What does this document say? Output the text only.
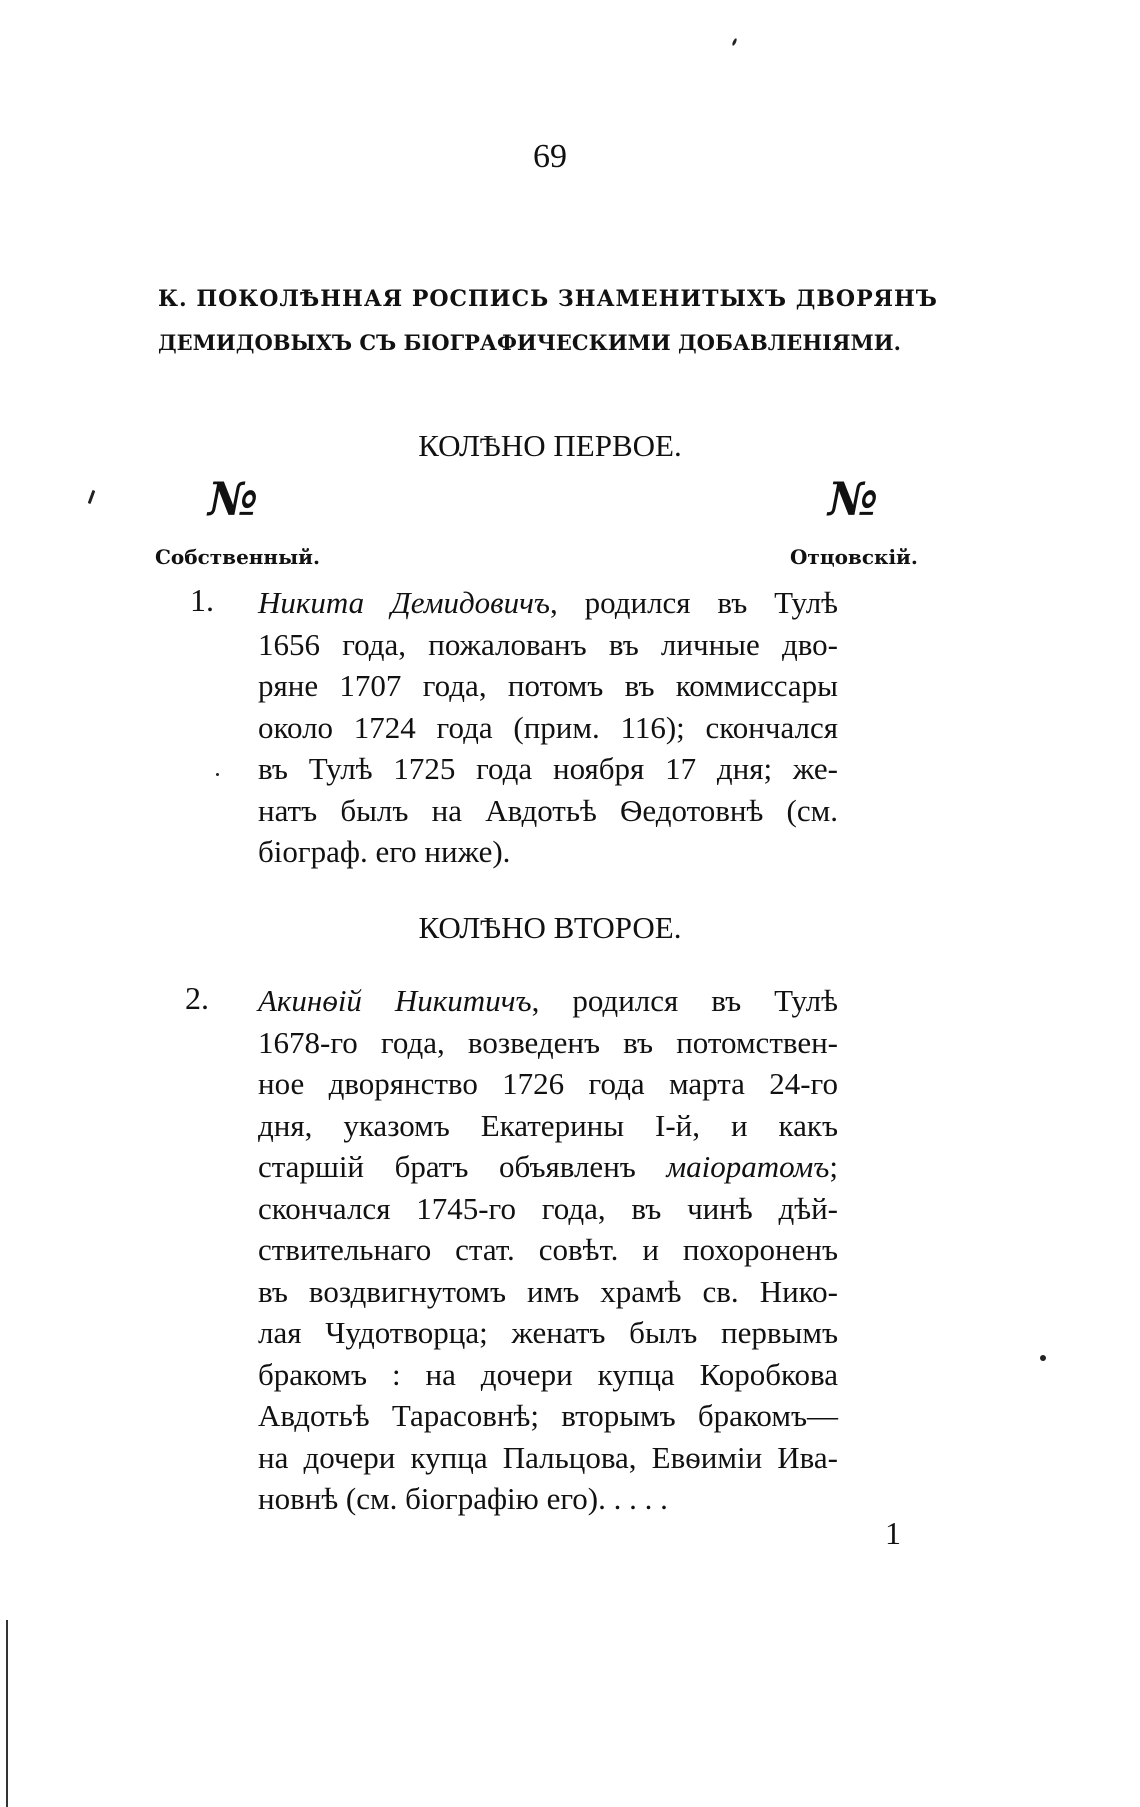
69
К. ПОКОЛѢННАЯ РОСПИСЬ ЗНАМЕНИТЫХЪ ДВОРЯНЪ
ДЕМИДОВЫХЪ СЪ БІОГРАФИЧЕСКИМИ ДОБАВЛЕНІЯМИ.
КОЛѢНО ПЕРВОЕ.
№	№
Собственный.	Отцовскій.
1. Никита Демидовичъ, родился въ Тулѣ
1656 года, пожалованъ въ личные дво-
ряне 1707 года, потомъ въ коммиссары
около 1724 года (прим. 116); скончался
въ Тулѣ 1725 года ноября 17 дня; же-
натъ былъ на Авдотьѣ Ѳедотовнѣ (см.
біограф. его ниже).
КОЛѢНО ВТОРОЕ.
2. Акинѳій Никитичъ, родился въ Тулѣ
1678-го года, возведенъ въ потомствен-
ное дворянство 1726 года марта 24-го
дня, указомъ Екатерины I-й, и какъ
старшій братъ объявленъ маіоратомъ;
скончался 1745-го года, въ чинѣ дѣй-
ствительнаго стат. совѣт. и похороненъ
въ воздвигнутомъ имъ храмѣ св. Нико-
лая Чудотворца; женатъ былъ первымъ
бракомъ : на дочери купца Коробкова
Авдотьѣ Тарасовнѣ; вторымъ бракомъ—
на дочери купца Пальцова, Евѳиміи Ива-
новнѣ (см. біографію его). . . . .
1
